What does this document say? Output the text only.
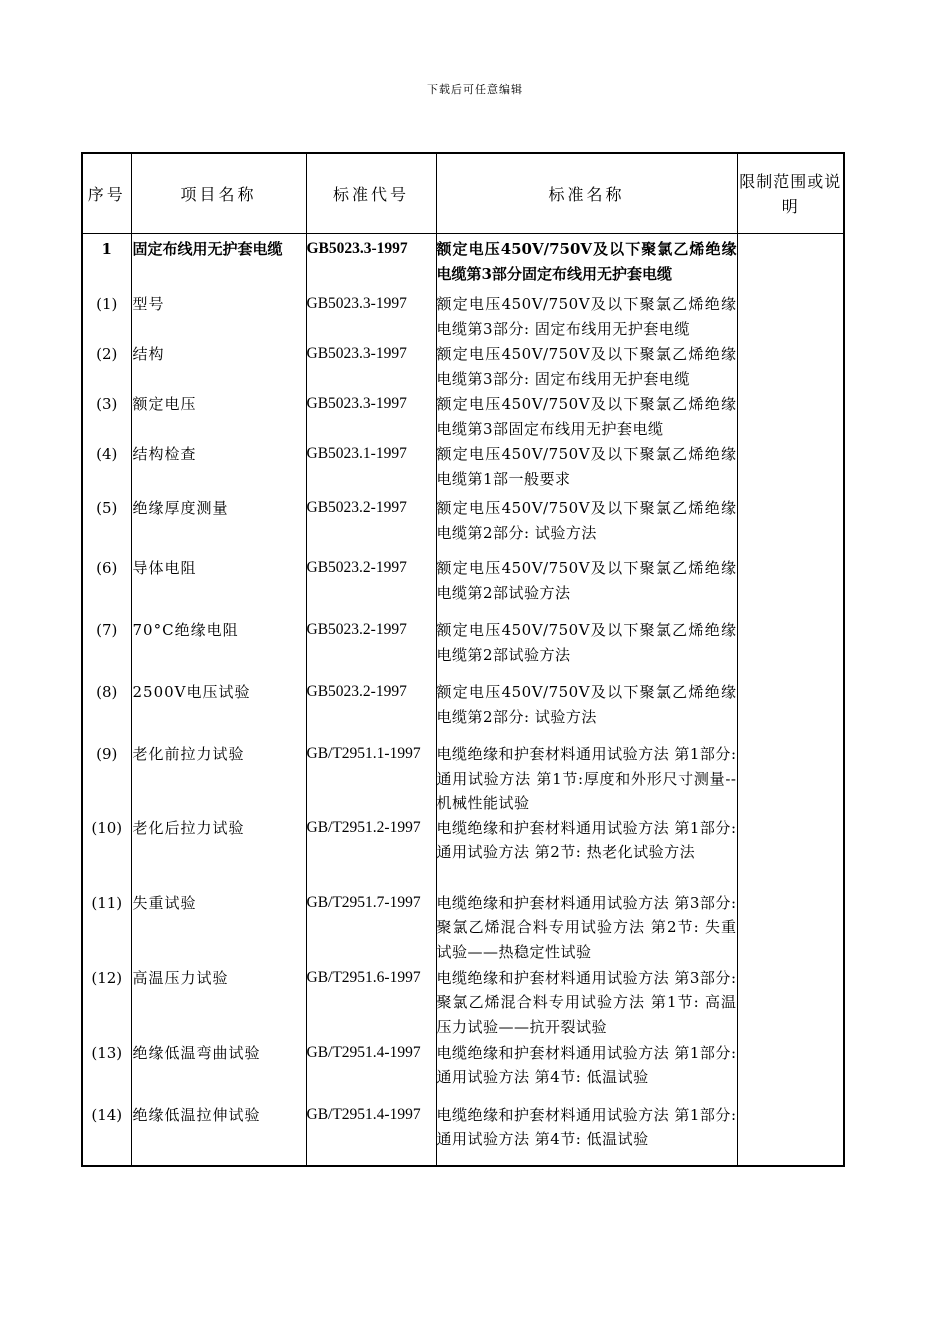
下载后可任意编辑
序号	项目名称	标准代号	标准名称	限制范围或说明
1	固定布线用无护套电缆	GB5023.3-1997	额定电压450V/750V及以下聚氯乙烯绝缘电缆第3部分固定布线用无护套电缆	
(1)	型号	GB5023.3-1997	额定电压450V/750V及以下聚氯乙烯绝缘电缆第3部分: 固定布线用无护套电缆	
(2)	结构	GB5023.3-1997	额定电压450V/750V及以下聚氯乙烯绝缘电缆第3部分: 固定布线用无护套电缆	
(3)	额定电压	GB5023.3-1997	额定电压450V/750V及以下聚氯乙烯绝缘电缆第3部固定布线用无护套电缆	
(4)	结构检查	GB5023.1-1997	额定电压450V/750V及以下聚氯乙烯绝缘电缆第1部一般要求	
(5)	绝缘厚度测量	GB5023.2-1997	额定电压450V/750V及以下聚氯乙烯绝缘电缆第2部分: 试验方法	
(6)	导体电阻	GB5023.2-1997	额定电压450V/750V及以下聚氯乙烯绝缘电缆第2部试验方法	
(7)	70°C绝缘电阻	GB5023.2-1997	额定电压450V/750V及以下聚氯乙烯绝缘电缆第2部试验方法	
(8)	2500V电压试验	GB5023.2-1997	额定电压450V/750V及以下聚氯乙烯绝缘电缆第2部分: 试验方法	
(9)	老化前拉力试验	GB/T2951.1-1997	电缆绝缘和护套材料通用试验方法 第1部分:通用试验方法 第1节:厚度和外形尺寸测量--机械性能试验	
(10)	老化后拉力试验	GB/T2951.2-1997	电缆绝缘和护套材料通用试验方法 第1部分: 通用试验方法 第2节: 热老化试验方法	
(11)	失重试验	GB/T2951.7-1997	电缆绝缘和护套材料通用试验方法 第3部分: 聚氯乙烯混合料专用试验方法 第2节: 失重试验——热稳定性试验	
(12)	高温压力试验	GB/T2951.6-1997	电缆绝缘和护套材料通用试验方法 第3部分: 聚氯乙烯混合料专用试验方法 第1节: 高温压力试验——抗开裂试验	
(13)	绝缘低温弯曲试验	GB/T2951.4-1997	电缆绝缘和护套材料通用试验方法 第1部分: 通用试验方法 第4节: 低温试验	
(14)	绝缘低温拉伸试验	GB/T2951.4-1997	电缆绝缘和护套材料通用试验方法 第1部分: 通用试验方法 第4节: 低温试验	
